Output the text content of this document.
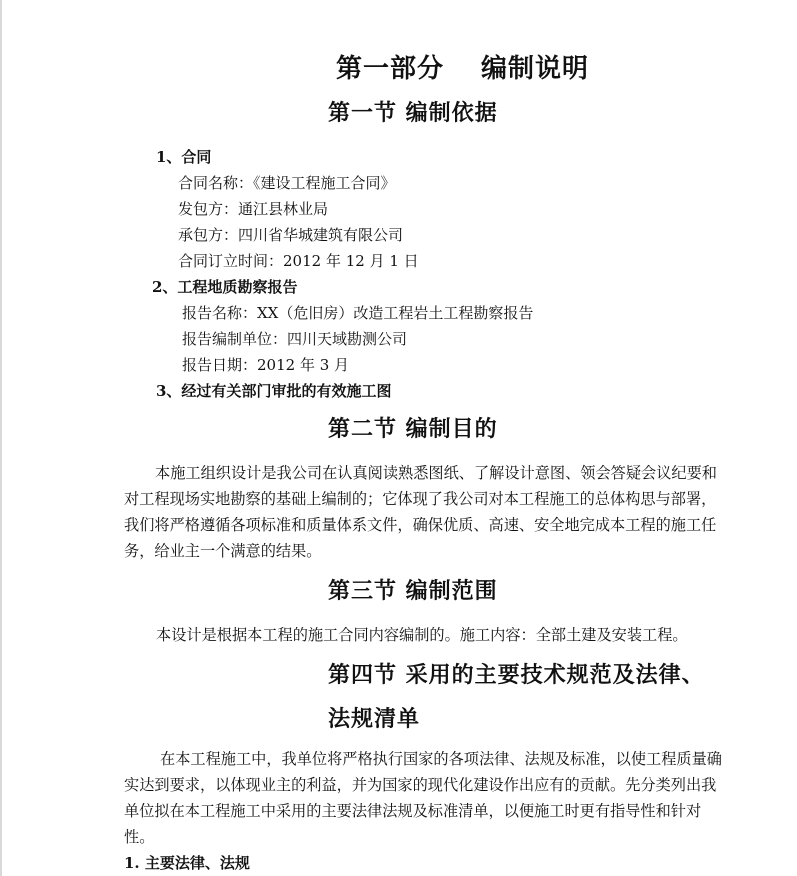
第一部分　 编制说明
第一节 编制依据
1、合同
合同名称：《建设工程施工合同》
发包方：通江县林业局
承包方：四川省华城建筑有限公司
合同订立时间：2012 年 12 月 1 日
2、工程地质勘察报告
报告名称：XX（危旧房）改造工程岩土工程勘察报告
报告编制单位：四川天域勘测公司
报告日期：2012 年 3 月
3、经过有关部门审批的有效施工图
第二节 编制目的

本施工组织设计是我公司在认真阅读熟悉图纸、了解设计意图、领会答疑会议纪要和对工程现场实地勘察的基础上编制的；它体现了我公司对本工程施工的总体构思与部署，我们将严格遵循各项标准和质量体系文件，确保优质、高速、安全地完成本工程的施工任务，给业主一个满意的结果。

第三节 编制范围

本设计是根据本工程的施工合同内容编制的。施工内容：全部土建及安装工程。

第四节 采用的主要技术规范及法律、
法规清单

在本工程施工中，我单位将严格执行国家的各项法律、法规及标准，以使工程质量确实达到要求，以体现业主的利益，并为国家的现代化建设作出应有的贡献。先分类列出我单位拟在本工程施工中采用的主要法律法规及标准清单，以便施工时更有指导性和针对性。

1. 主要法律、法规
